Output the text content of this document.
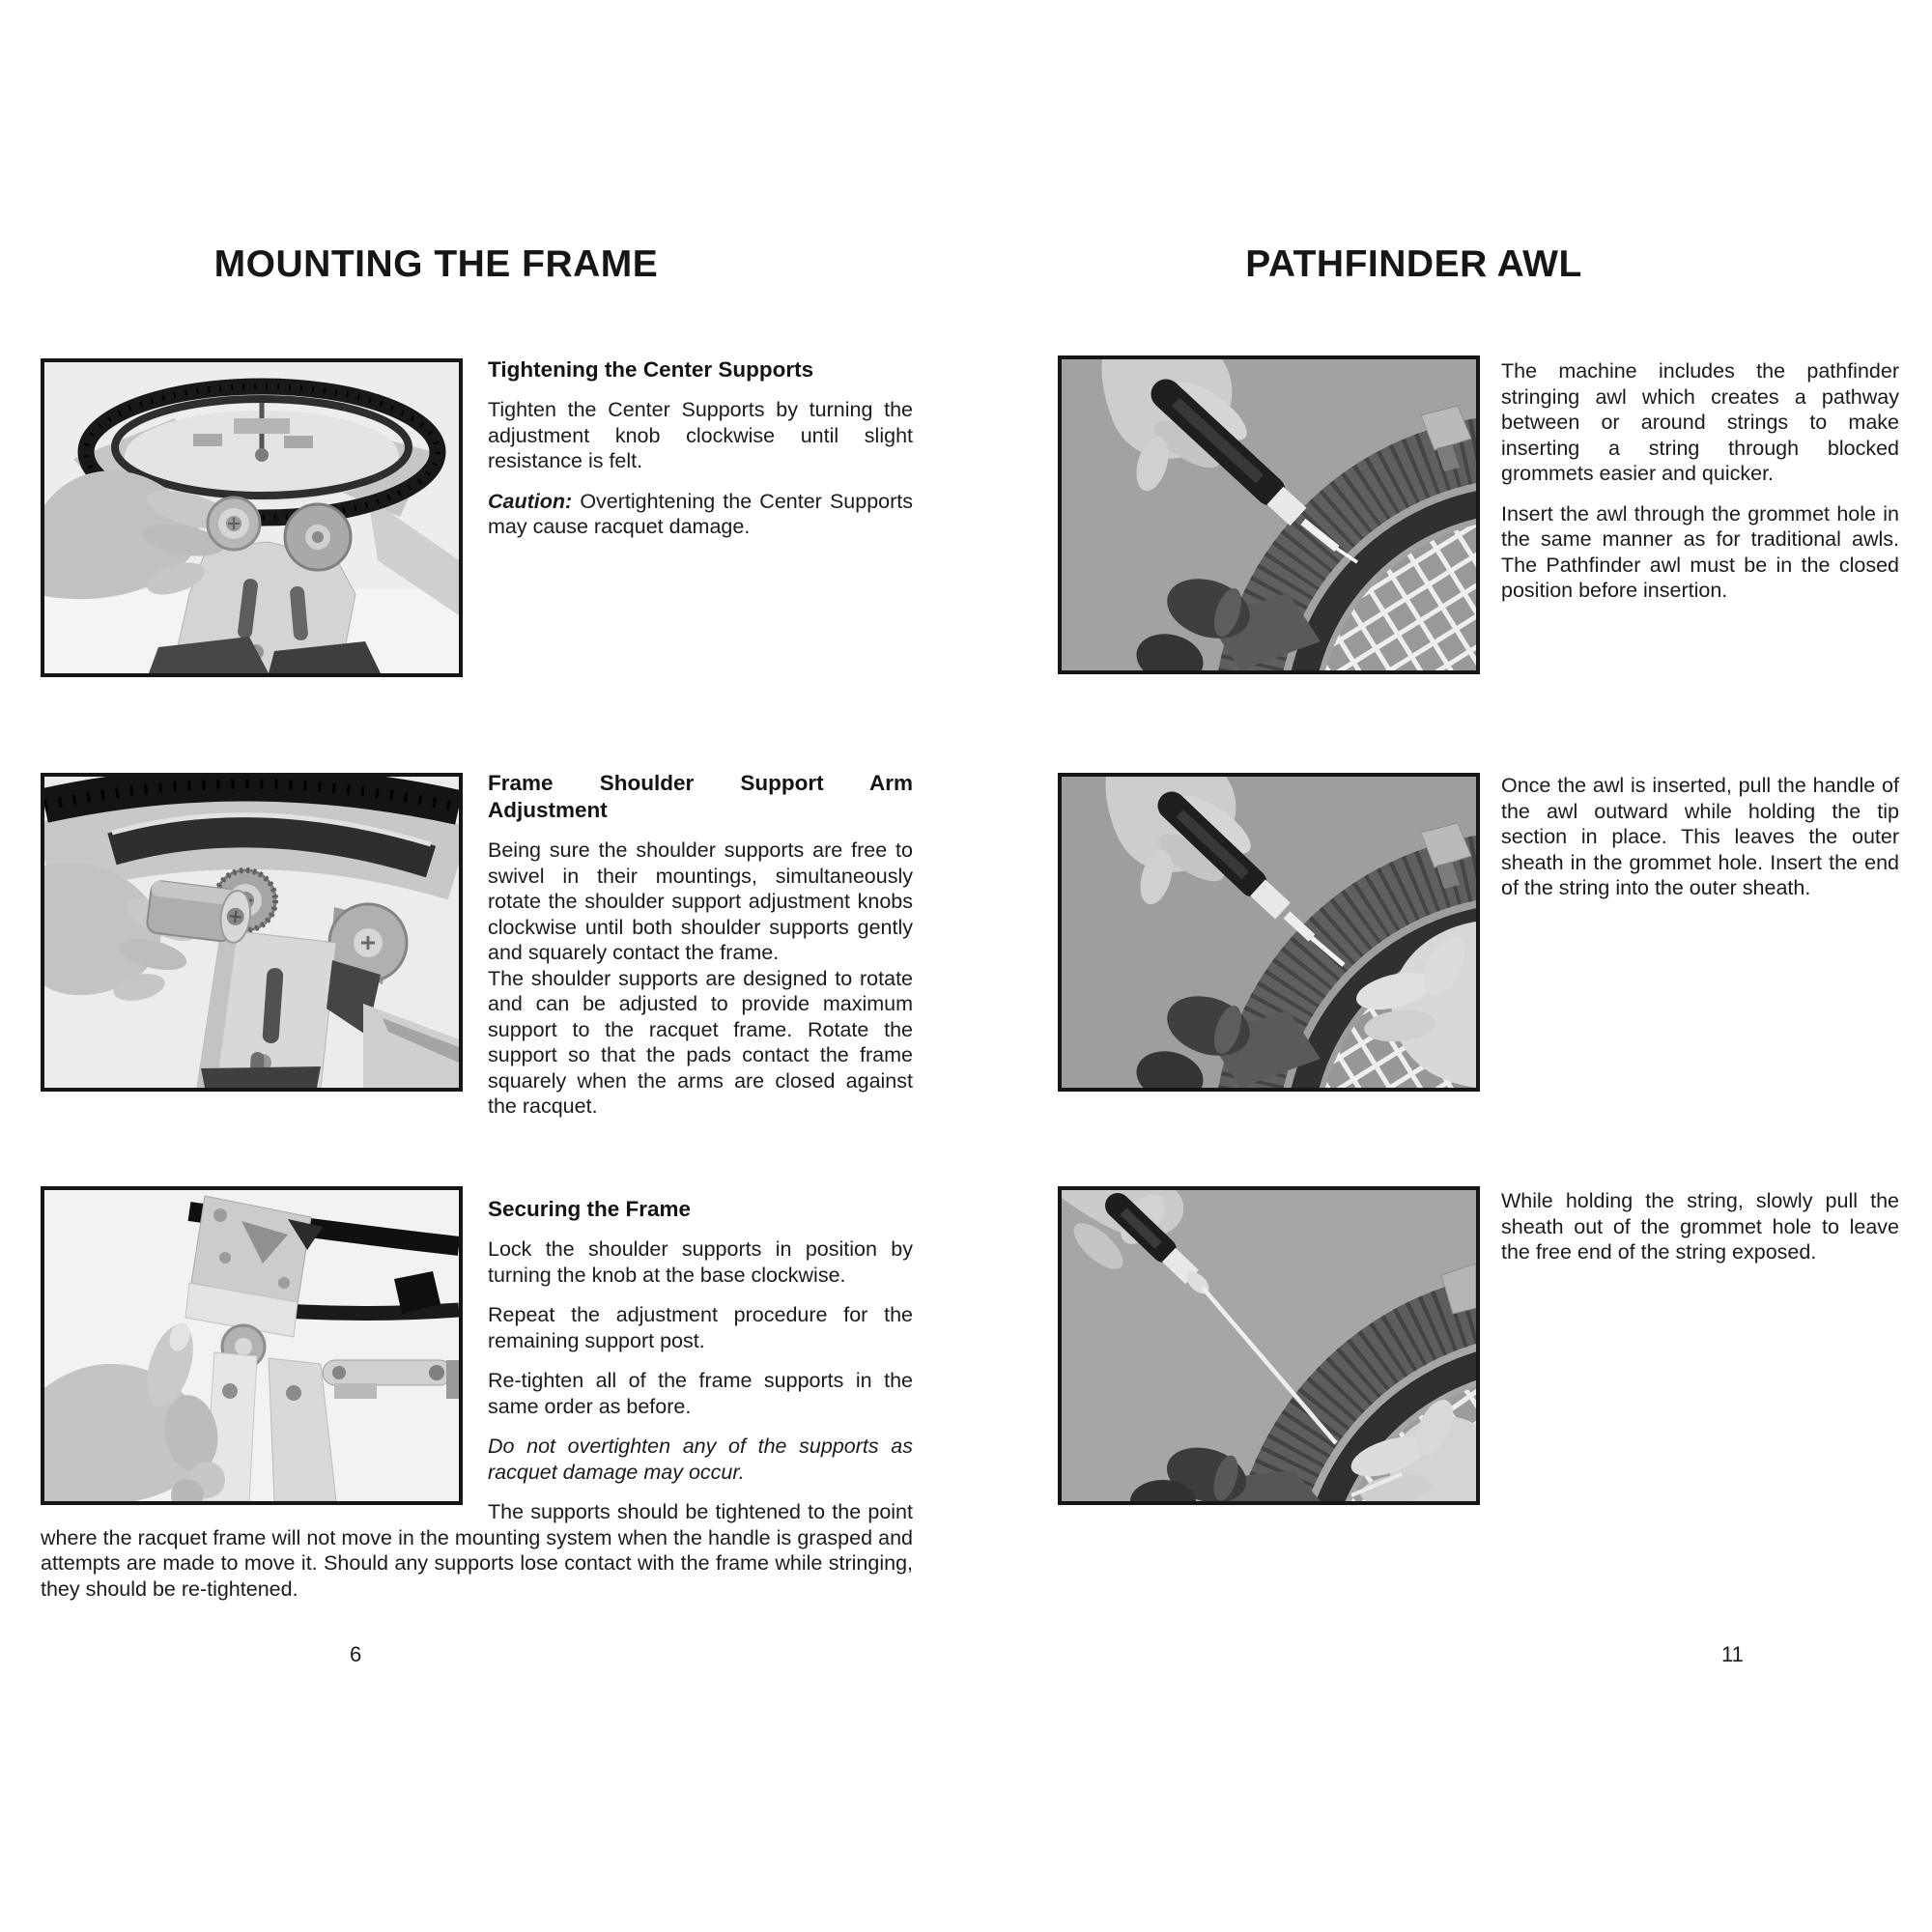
MOUNTING THE FRAME
Tightening the Center Supports

Tighten the Center Supports by turning the adjustment knob clockwise until slight resistance is felt.

Caution: Overtightening the Center Supports may cause racquet damage.

Frame Shoulder Support Arm Adjustment

Being sure the shoulder supports are free to swivel in their mountings, simultaneously rotate the shoulder support adjustment knobs clockwise until both shoulder supports gently and squarely contact the frame.

The shoulder supports are designed to rotate and can be adjusted to provide maximum support to the racquet frame. Rotate the support so that the pads contact the frame squarely when the arms are closed against the racquet.

Securing the Frame

Lock the shoulder supports in position by turning the knob at the base clockwise.

Repeat the adjustment procedure for the remaining support post.

Re-tighten all of the frame supports in the same order as before.

Do not overtighten any of the supports as racquet damage may occur.

The supports should be tightened to the point where the racquet frame will not move in the mounting system when the handle is grasped and attempts are made to move it. Should any supports lose contact with the frame while stringing, they should be re-tightened.

6
PATHFINDER AWL

The machine includes the pathfinder stringing awl which creates a pathway between or around strings to make inserting a string through blocked grommets easier and quicker.

Insert the awl through the grommet hole in the same manner as for traditional awls. The Pathfinder awl must be in the closed position before insertion.

Once the awl is inserted, pull the handle of the awl outward while holding the tip section in place. This leaves the outer sheath in the grommet hole. Insert the end of the string into the outer sheath.

While holding the string, slowly pull the sheath out of the grommet hole to leave the free end of the string exposed.

11
